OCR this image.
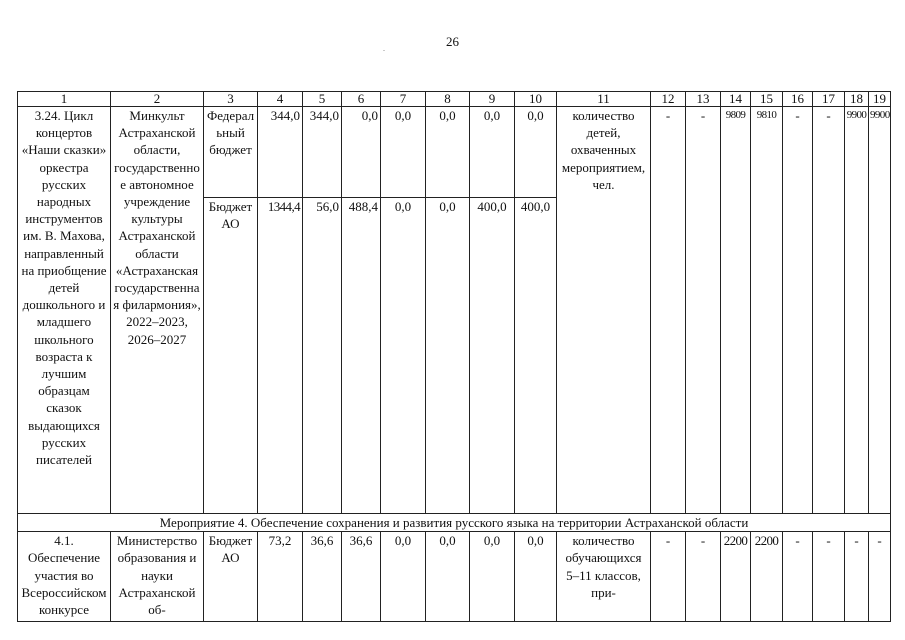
26
.
1	2	3	4	5	6	7	8	9	10	11	12	13	14	15	16	17	18	19
3.24. Цикл концертов «Наши сказки» оркестра русских народных инструментов им. В. Махова, направленный на приобщение детей дошкольного и младшего школьного возраста к лучшим образцам сказок выдающихся русских писателей	Минкульт Астраханской области, государственное автономное учреждение культуры Астраханской области «Астраханская государственная филармония», 2022–2023, 2026–2027	Федеральный бюджет	344,0	344,0	0,0	0,0	0,0	0,0	0,0	количество детей, охваченных мероприятием, чел.	-	-	9809	9810	-	-	9900	9900
		Бюджет АО	1344,4	56,0	488,4	0,0	0,0	400,0	400,0									
Мероприятие 4. Обеспечение сохранения и развития русского языка на территории Астраханской области																		
4.1. Обеспечение участия во Всероссийском конкурсе	Министерство образования и науки Астраханской об-	Бюджет АО	73,2	36,6	36,6	0,0	0,0	0,0	0,0	количество обучающихся 5–11 классов, при-	-	-	2200	2200	-	-	-	-
